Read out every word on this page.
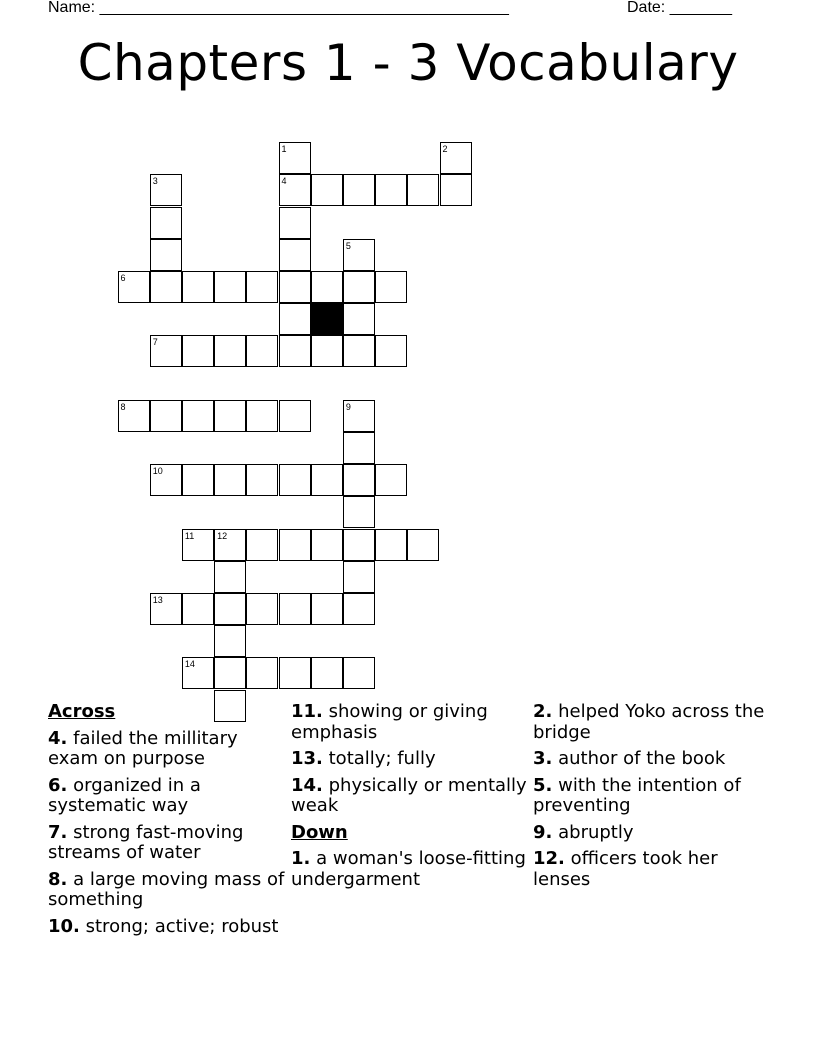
Name: ______________________________________________	Date: _______
Chapters 1 - 3 Vocabulary
1	2
3	4
5
6
7
8	9
10
11	12
13
14
Across
4. failed the millitary exam on purpose
6. organized in a systematic way
7. strong fast-moving streams of water
8. a large moving mass of something
10. strong; active; robust
11. showing or giving emphasis
13. totally; fully
14. physically or mentally weak
Down
1. a woman's loose-fitting undergarment
2. helped Yoko across the bridge
3. author of the book
5. with the intention of preventing
9. abruptly
12. officers took her lenses
